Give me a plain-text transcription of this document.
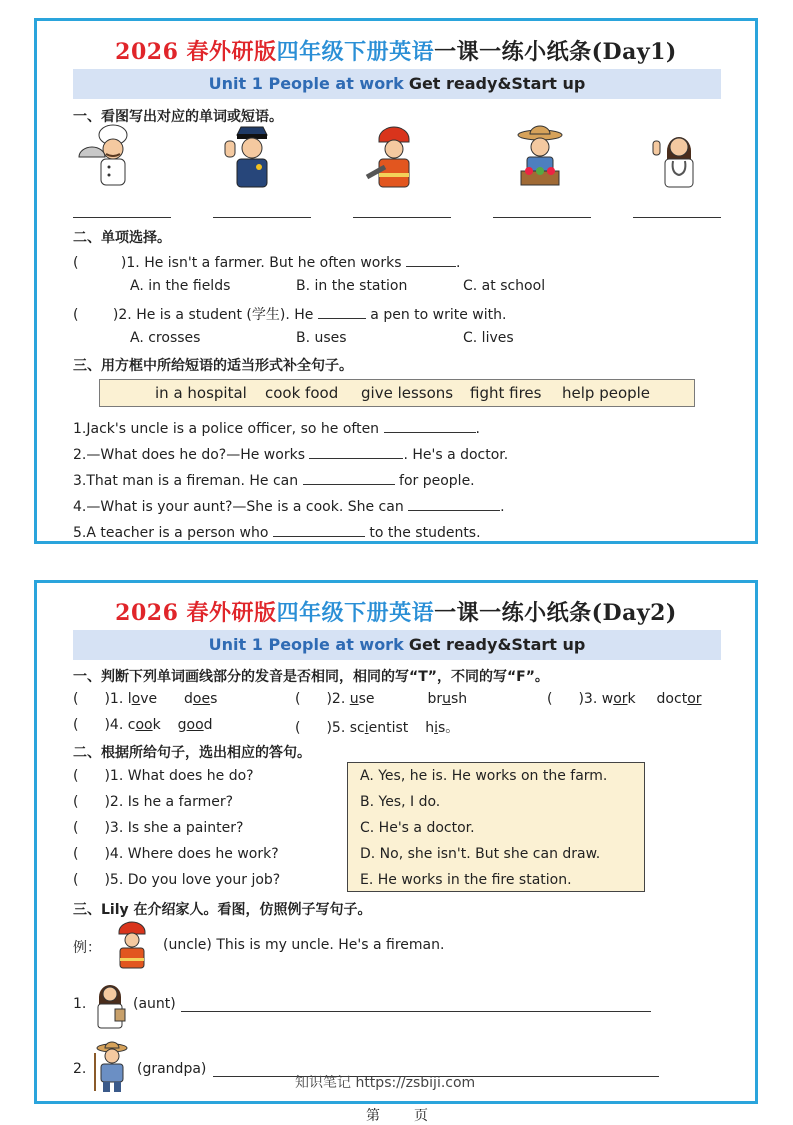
2026 春外研版四年级下册英语一课一练小纸条(Day1)
Unit 1 People at work Get ready&Start up
一、看图写出对应的单词或短语。
二、单项选择。
(	)1. He isn't a farmer. But he often works	.
A. in the fields	B. in the station	C. at school
( )2. He is a student (学生). He	a pen to write with.
A. crosses	B. uses	C. lives
三、用方框中所给短语的适当形式补全句子。
in a hospital cook food give lessons fight fires help people
1.Jack's uncle is a police officer, so he often	.
2.—What does he do?—He works	. He's a doctor.
3.That man is a fireman. He can	for people.
4.—What is your aunt?—She is a cook. She can	.
5.A teacher is a person who	to the students.
2026 春外研版四年级下册英语一课一练小纸条(Day2)
Unit 1 People at work Get ready&Start up
一、判断下列单词画线部分的发音是否相同，相同的写“T”，不同的写“F”。
( )1. love does	( )2. use	brush	( )3. work doctor
( )4. cook good	( )5. scientist his。
二、根据所给句子，选出相应的答句。
( )1. What does he do?
( )2. Is he a farmer?
( )3. Is she a painter?
( )4. Where does he work?
( )5. Do you love your job?
A. Yes, he is. He works on the farm.
B. Yes, I do.
C. He's a doctor.
D. No, she isn't. But she can draw.
E. He works in the fire station.
三、Lily 在介绍家人。看图，仿照例子写句子。
例：	(uncle) This is my uncle. He's a fireman.
1.	(aunt)
2.	(grandpa)
知识笔记 https://zsbiji.com
第 页
